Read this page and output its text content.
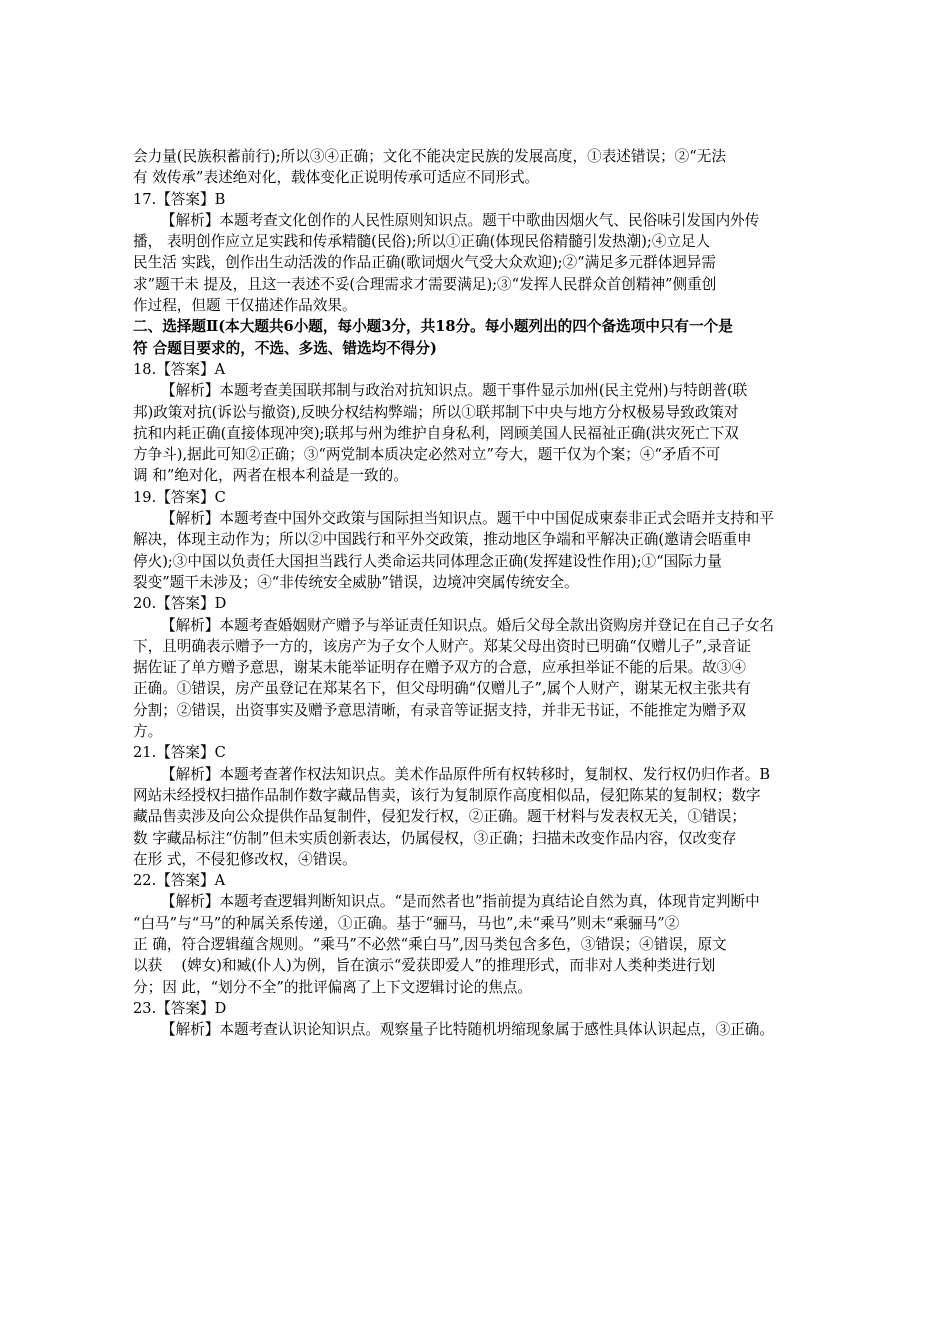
会力量(民族积蓄前行);所以③④正确；文化不能决定民族的发展高度，①表述错误；②“无法
有 效传承”表述绝对化，载体变化正说明传承可适应不同形式。
17.【答案】B
【解析】本题考查文化创作的人民性原则知识点。题干中歌曲因烟火气、民俗味引发国内外传
播， 表明创作应立足实践和传承精髓(民俗);所以①正确(体现民俗精髓引发热潮);④立足人
民生活 实践，创作出生动活泼的作品正确(歌词烟火气受大众欢迎);②“满足多元群体迥异需
求”题干未 提及，且这一表述不妥(合理需求才需要满足);③“发挥人民群众首创精神”侧重创
作过程，但题 干仅描述作品效果。
二、选择题Ⅱ(本大题共6小题，每小题3分，共18分。每小题列出的四个备选项中只有一个是
符 合题目要求的，不选、多选、错选均不得分)
18.【答案】A
【解析】本题考查美国联邦制与政治对抗知识点。题干事件显示加州(民主党州)与特朗普(联
邦)政策对抗(诉讼与撤资),反映分权结构弊端；所以①联邦制下中央与地方分权极易导致政策对
抗和内耗正确(直接体现冲突);联邦与州为维护自身私利，罔顾美国人民福祉正确(洪灾死亡下双
方争斗),据此可知②正确；③“两党制本质决定必然对立”夸大，题干仅为个案；④“矛盾不可
调 和”绝对化，两者在根本利益是一致的。
19.【答案】C
【解析】本题考查中国外交政策与国际担当知识点。题干中中国促成柬泰非正式会晤并支持和平
解决，体现主动作为；所以②中国践行和平外交政策，推动地区争端和平解决正确(邀请会晤重申
停火);③中国以负责任大国担当践行人类命运共同体理念正确(发挥建设性作用);①“国际力量
裂变”题干未涉及；④“非传统安全威胁”错误，边境冲突属传统安全。
20.【答案】D
【解析】本题考查婚姻财产赠予与举证责任知识点。婚后父母全款出资购房并登记在自己子女名
下，且明确表示赠予一方的，该房产为子女个人财产。郑某父母出资时已明确“仅赠儿子”,录音证
据佐证了单方赠予意思，谢某未能举证明存在赠予双方的合意，应承担举证不能的后果。故③④
正确。①错误，房产虽登记在郑某名下，但父母明确“仅赠儿子”,属个人财产，谢某无权主张共有
分割；②错误，出资事实及赠予意思清晰，有录音等证据支持，并非无书证，不能推定为赠予双
方。
21.【答案】C
【解析】本题考查著作权法知识点。美术作品原件所有权转移时，复制权、发行权仍归作者。B
网站未经授权扫描作品制作数字藏品售卖，该行为复制原作高度相似品，侵犯陈某的复制权；数字
藏品售卖涉及向公众提供作品复制件，侵犯发行权，②正确。题干材料与发表权无关，①错误；
数 字藏品标注“仿制”但未实质创新表达，仍属侵权，③正确；扫描未改变作品内容，仅改变存
在形 式，不侵犯修改权，④错误。
22.【答案】A
【解析】本题考查逻辑判断知识点。“是而然者也”指前提为真结论自然为真，体现肯定判断中
“白马”与“马”的种属关系传递，①正确。基于“骊马，马也”,未“乘马”则未“乘骊马”②
正 确，符合逻辑蕴含规则。“乘马”不必然“乘白马”,因马类包含多色，③错误；④错误，原文
以获　 (婢女)和臧(仆人)为例，旨在演示“爱获即爱人”的推理形式，而非对人类种类进行划
分；因 此，“划分不全”的批评偏离了上下文逻辑讨论的焦点。
23.【答案】D
【解析】本题考查认识论知识点。观察量子比特随机坍缩现象属于感性具体认识起点，③正确。
